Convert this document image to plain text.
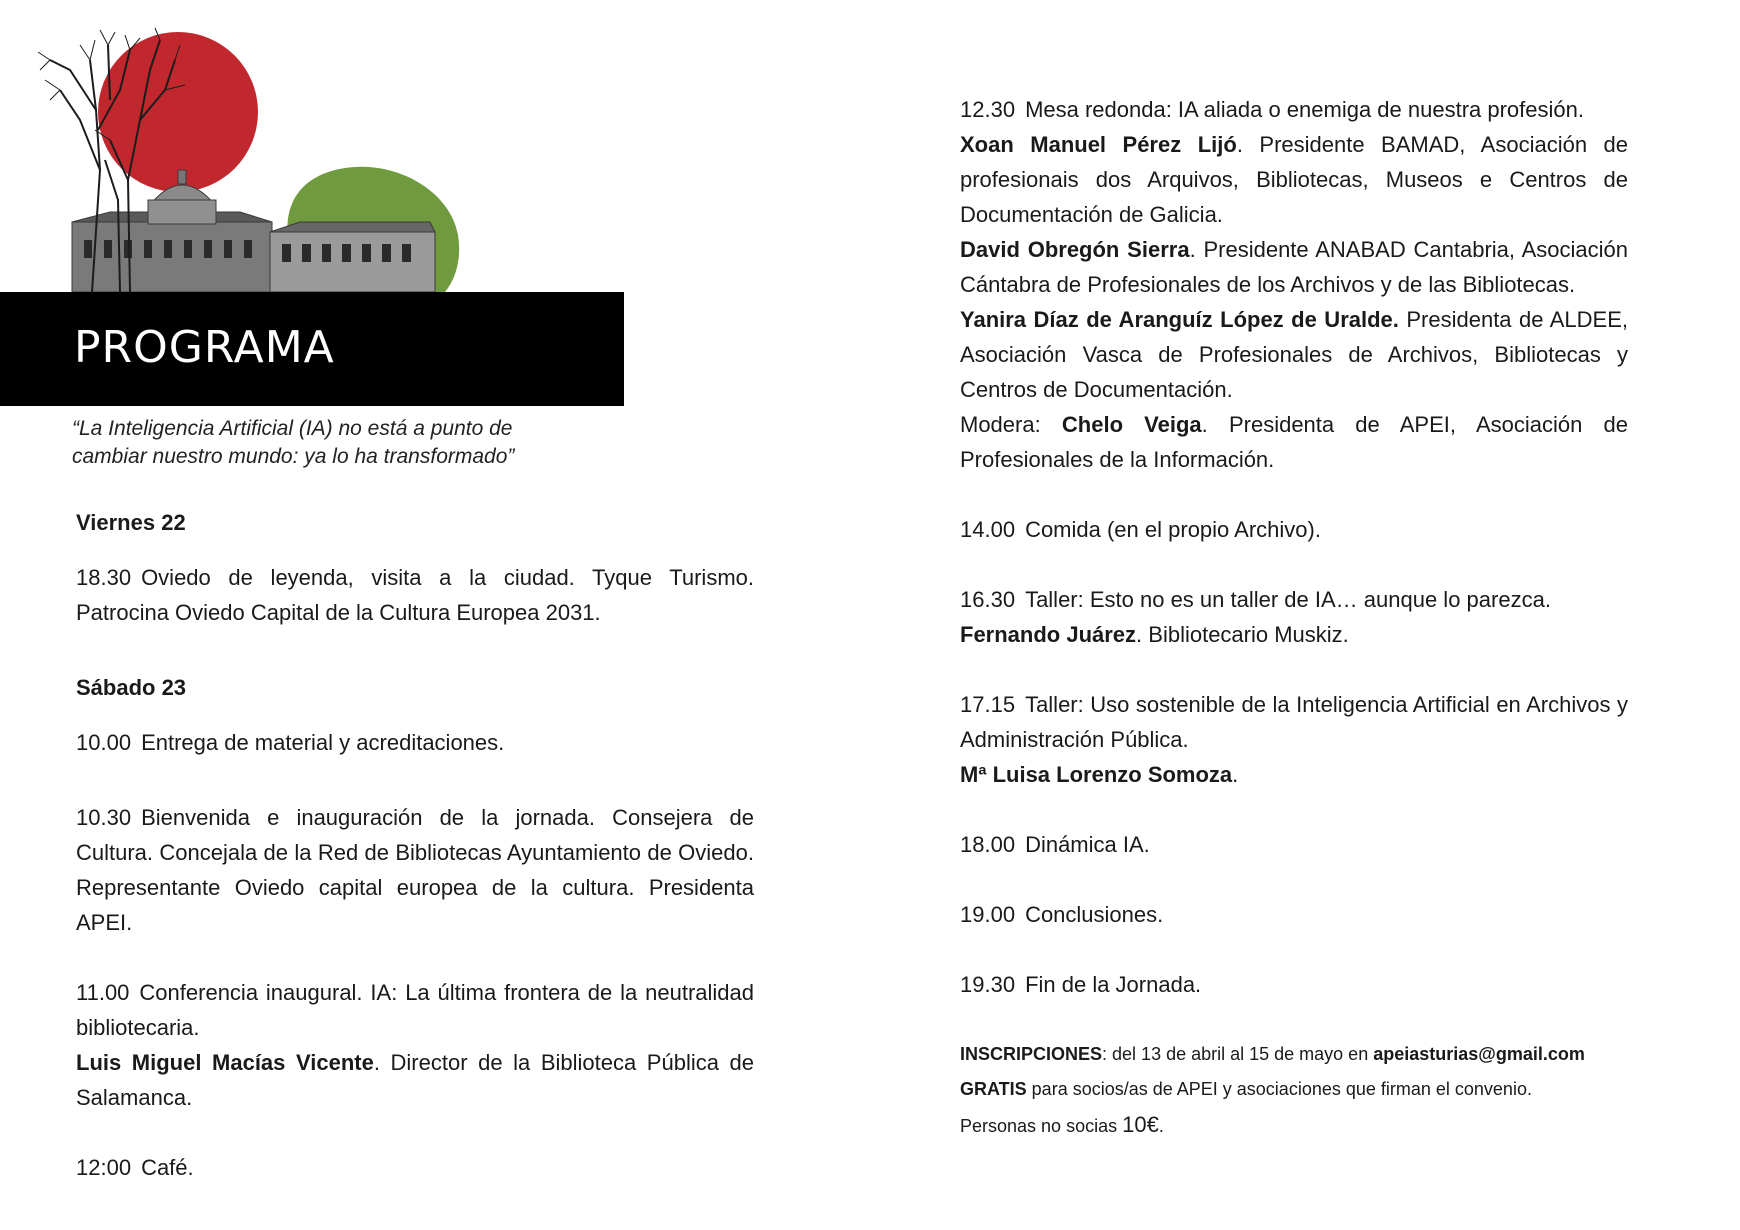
PROGRAMA
“La Inteligencia Artificial (IA) no está a punto de
cambiar nuestro mundo: ya lo ha transformado”

Viernes 22

18.30 Oviedo de leyenda, visita a la ciudad. Tyque Turismo. Patrocina Oviedo Capital de la Cultura Europea 2031.

Sábado 23

10.00 Entrega de material y acreditaciones.

10.30 Bienvenida e inauguración de la jornada. Consejera de Cultura. Concejala de la Red de Bibliotecas Ayuntamiento de Oviedo. Representante Oviedo capital europea de la cultura. Presidenta APEI.

11.00 Conferencia inaugural. IA: La última frontera de la neutralidad bibliotecaria.
Luis Miguel Macías Vicente. Director de la Biblioteca Pública de Salamanca.

12:00 Café.

12.30 Mesa redonda: IA aliada o enemiga de nuestra profesión.

Xoan Manuel Pérez Lijó. Presidente BAMAD, Asociación de profesionais dos Arquivos, Bibliotecas, Museos e Centros de Documentación de Galicia.

David Obregón Sierra. Presidente ANABAD Cantabria, Asociación Cántabra de Profesionales de los Archivos y de las Bibliotecas.

Yanira Díaz de Aranguíz López de Uralde. Presidenta de ALDEE, Asociación Vasca de Profesionales de Archivos, Bibliotecas y Centros de Documentación.

Modera: Chelo Veiga. Presidenta de APEI, Asociación de Profesionales de la Información.

14.00 Comida (en el propio Archivo).

16.30 Taller: Esto no es un taller de IA… aunque lo parezca.
Fernando Juárez. Bibliotecario Muskiz.

17.15 Taller: Uso sostenible de la Inteligencia Artificial en Archivos y Administración Pública.
Mª Luisa Lorenzo Somoza.

18.00 Dinámica IA.

19.00 Conclusiones.

19.30 Fin de la Jornada.

INSCRIPCIONES: del 13 de abril al 15 de mayo en apeiasturias@gmail.com

GRATIS para socios/as de APEI y asociaciones que firman el convenio.

Personas no socias 10€.
